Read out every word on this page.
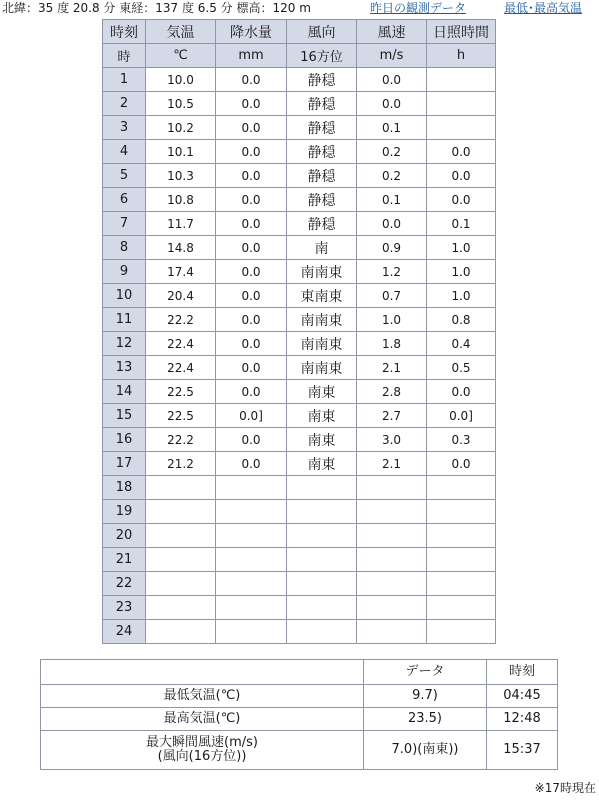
北緯：35 度 20.8 分 東経：137 度 6.5 分 標高：120 m	昨日の観測データ	最低･最高気温
時刻	気温	降水量	風向	風速	日照時間
時	℃	mm	16方位	m/s	h
1	10.0	0.0	静穏	0.0	
2	10.5	0.0	静穏	0.0	
3	10.2	0.0	静穏	0.1	
4	10.1	0.0	静穏	0.2	0.0
5	10.3	0.0	静穏	0.2	0.0
6	10.8	0.0	静穏	0.1	0.0
7	11.7	0.0	静穏	0.0	0.1
8	14.8	0.0	南	0.9	1.0
9	17.4	0.0	南南東	1.2	1.0
10	20.4	0.0	東南東	0.7	1.0
11	22.2	0.0	南南東	1.0	0.8
12	22.4	0.0	南南東	1.8	0.4
13	22.4	0.0	南南東	2.1	0.5
14	22.5	0.0	南東	2.8	0.0
15	22.5	0.0]	南東	2.7	0.0]
16	22.2	0.0	南東	3.0	0.3
17	21.2	0.0	南東	2.1	0.0
18					
19					
20					
21					
22					
23					
24					
	データ	時刻

最低気温(℃)	9.7)	04:45

最高気温(℃)	23.5)	12:48

最大瞬間風速(m/s)
(風向(16方位))	7.0)(南東))	15:37
※17時現在
